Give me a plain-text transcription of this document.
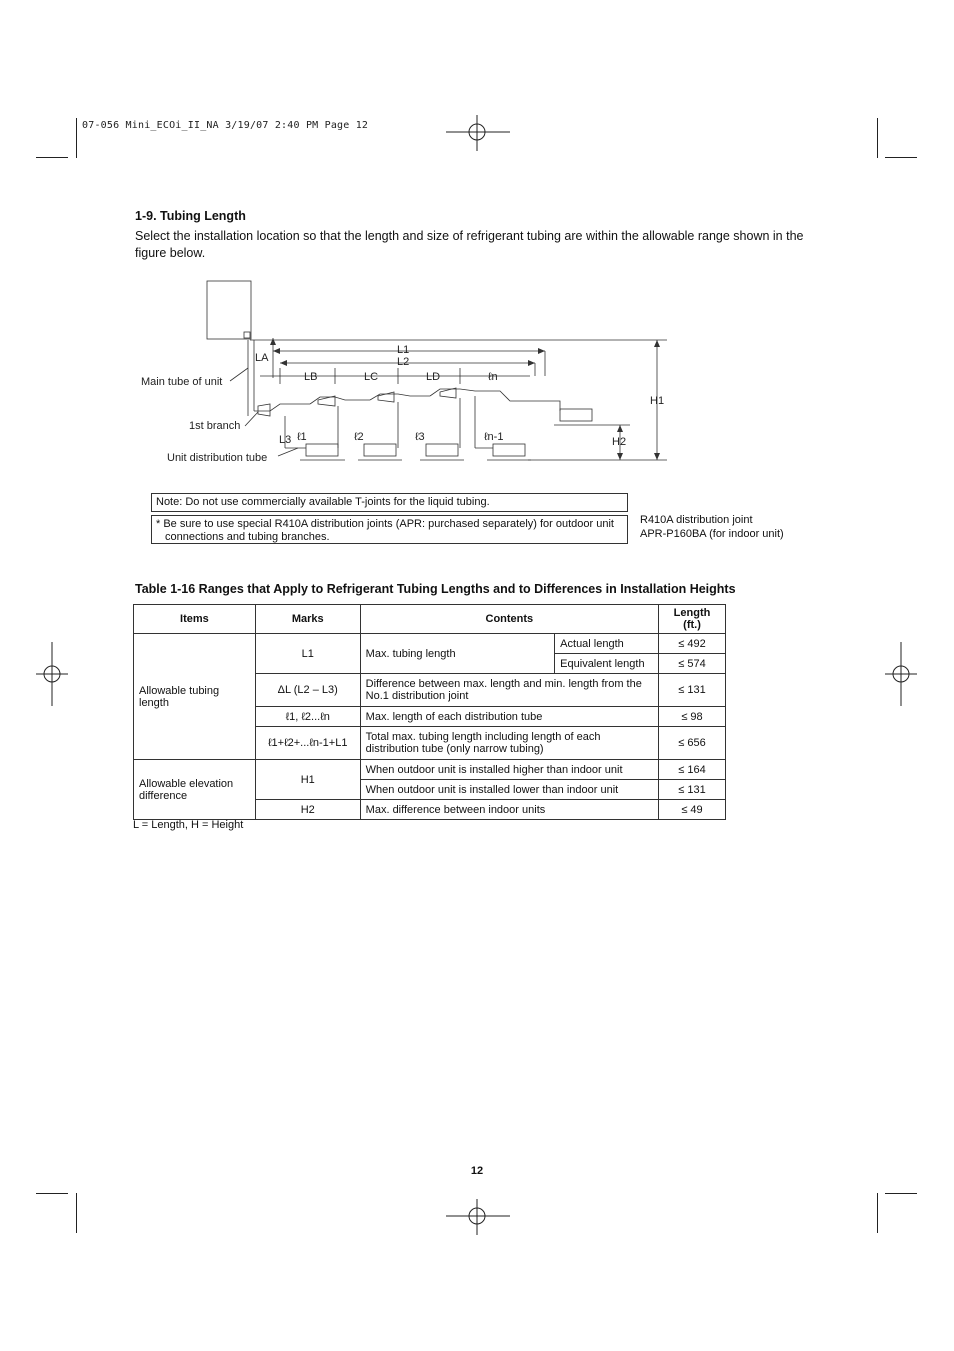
07-056 Mini_ECOi_II_NA 3/19/07 2:40 PM Page 12
1-9. Tubing Length
Select the installation location so that the length and size of refrigerant tubing are within the allowable range shown in the figure below.
L1
L2
LA
LB	LC	LD	ℓn
H1
H2
L3 ℓ1	ℓ2	ℓ3	ℓn-1
Main tube of unit
1st branch
Unit distribution tube
Note: Do not use commercially available T-joints for the liquid tubing.
* Be sure to use special R410A distribution joints (APR: purchased separately) for outdoor unit connections and tubing branches.
R410A distribution joint
APR-P160BA (for indoor unit)
Table 1-16 Ranges that Apply to Refrigerant Tubing Lengths and to Differences in Installation Heights
Items	Marks	Contents		Length (ft.)
Allowable tubing length	L1	Max. tubing length	Actual length	≤ 492
			Equivalent length	≤ 574
	ΔL (L2 – L3)	Difference between max. length and min. length from the No.1 distribution joint		≤ 131
	ℓ1, ℓ2...ℓn	Max. length of each distribution tube		≤ 98
	ℓ1+ℓ2+...ℓn-1+L1	Total max. tubing length including length of each distribution tube (only narrow tubing)		≤ 656
Allowable elevation difference	H1	When outdoor unit is installed higher than indoor unit		≤ 164
		When outdoor unit is installed lower than indoor unit		≤ 131
	H2	Max. difference between indoor units		≤ 49
L = Length, H = Height
12
